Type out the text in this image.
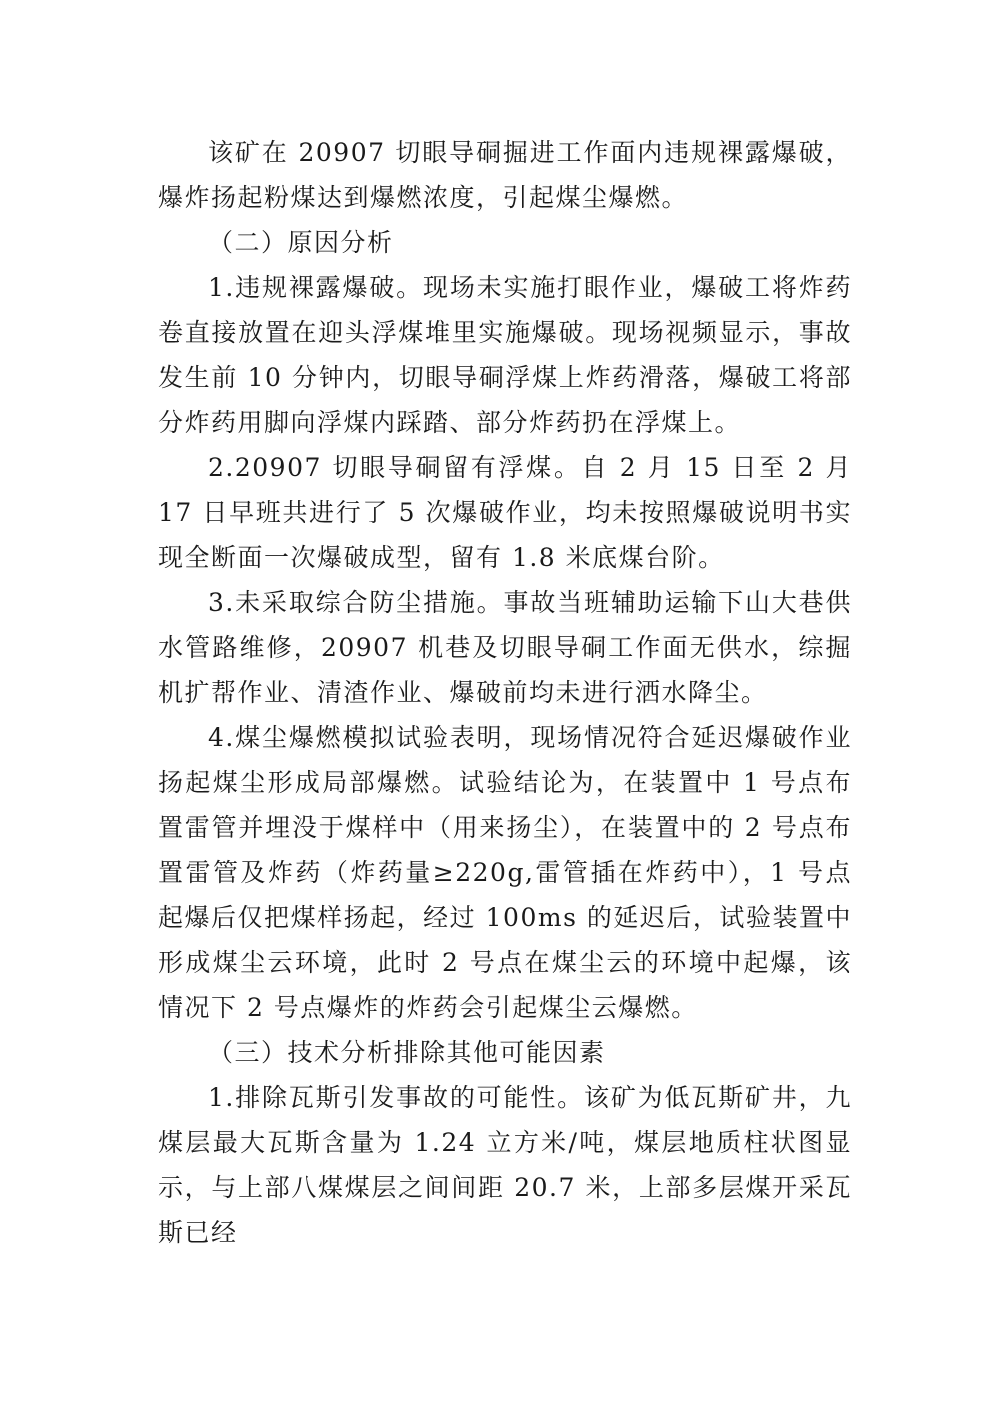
该矿在 20907 切眼导硐掘进工作面内违规裸露爆破，爆炸扬起粉煤达到爆燃浓度，引起煤尘爆燃。

（二）原因分析

1.违规裸露爆破。现场未实施打眼作业，爆破工将炸药卷直接放置在迎头浮煤堆里实施爆破。现场视频显示，事故发生前 10 分钟内，切眼导硐浮煤上炸药滑落，爆破工将部分炸药用脚向浮煤内踩踏、部分炸药扔在浮煤上。

2.20907 切眼导硐留有浮煤。自 2 月 15 日至 2 月 17 日早班共进行了 5 次爆破作业，均未按照爆破说明书实现全断面一次爆破成型，留有 1.8 米底煤台阶。

3.未采取综合防尘措施。事故当班辅助运输下山大巷供水管路维修，20907 机巷及切眼导硐工作面无供水，综掘机扩帮作业、清渣作业、爆破前均未进行洒水降尘。

4.煤尘爆燃模拟试验表明，现场情况符合延迟爆破作业扬起煤尘形成局部爆燃。试验结论为，在装置中 1 号点布置雷管并埋没于煤样中（用来扬尘），在装置中的 2 号点布置雷管及炸药（炸药量≥220g,雷管插在炸药中），1 号点起爆后仅把煤样扬起，经过 100ms 的延迟后，试验装置中形成煤尘云环境，此时 2 号点在煤尘云的环境中起爆，该情况下 2 号点爆炸的炸药会引起煤尘云爆燃。

（三）技术分析排除其他可能因素

1.排除瓦斯引发事故的可能性。该矿为低瓦斯矿井，九煤层最大瓦斯含量为 1.24 立方米/吨，煤层地质柱状图显示，与上部八煤煤层之间间距 20.7 米，上部多层煤开采瓦斯已经
